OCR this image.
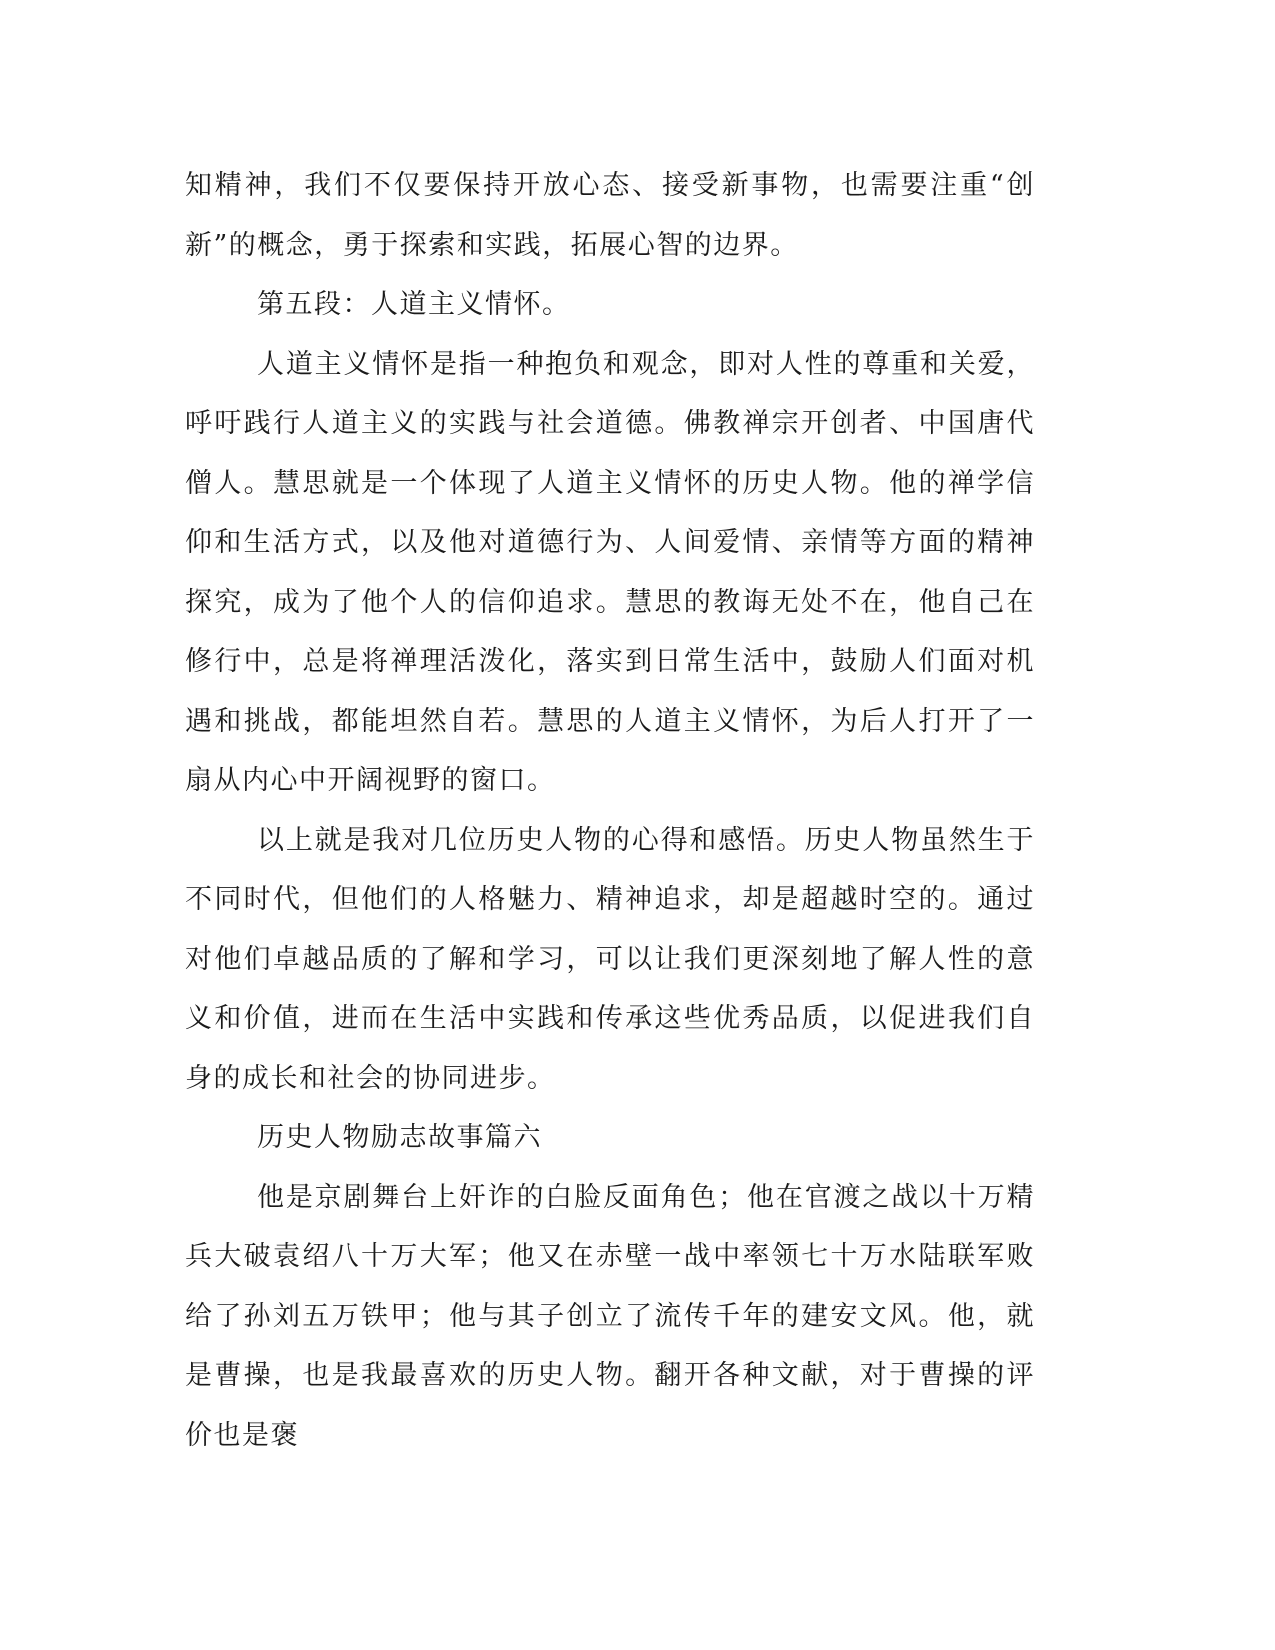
知精神，我们不仅要保持开放心态、接受新事物，也需要注重“创新”的概念，勇于探索和实践，拓展心智的边界。

第五段：人道主义情怀。

人道主义情怀是指一种抱负和观念，即对人性的尊重和关爱，呼吁践行人道主义的实践与社会道德。佛教禅宗开创者、中国唐代僧人。慧思就是一个体现了人道主义情怀的历史人物。他的禅学信仰和生活方式，以及他对道德行为、人间爱情、亲情等方面的精神探究，成为了他个人的信仰追求。慧思的教诲无处不在，他自己在修行中，总是将禅理活泼化，落实到日常生活中，鼓励人们面对机遇和挑战，都能坦然自若。慧思的人道主义情怀，为后人打开了一扇从内心中开阔视野的窗口。

以上就是我对几位历史人物的心得和感悟。历史人物虽然生于不同时代，但他们的人格魅力、精神追求，却是超越时空的。通过对他们卓越品质的了解和学习，可以让我们更深刻地了解人性的意义和价值，进而在生活中实践和传承这些优秀品质，以促进我们自身的成长和社会的协同进步。

历史人物励志故事篇六

他是京剧舞台上奸诈的白脸反面角色；他在官渡之战以十万精兵大破袁绍八十万大军；他又在赤壁一战中率领七十万水陆联军败给了孙刘五万铁甲；他与其子创立了流传千年的建安文风。他，就是曹操，也是我最喜欢的历史人物。翻开各种文献，对于曹操的评价也是褒
